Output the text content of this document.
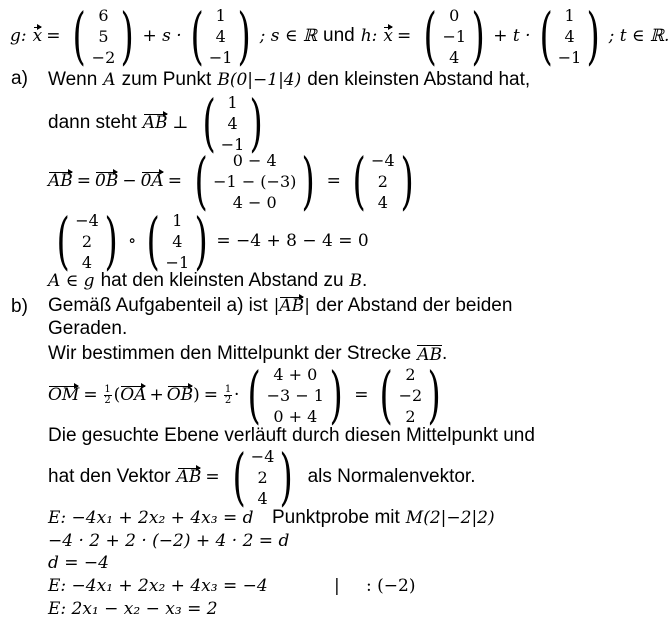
g: x = ( 6
5
−2 ) + s · ( 1
4
−1 ) ; s ∈ ℝ und h: x = ( 0
−1
4 ) + t · ( 1
4
−1 ) ; t ∈ ℝ.
a) Wenn A zum Punkt B(0|−1|4) den kleinsten Abstand hat,
dann steht AB ⊥ ( 1
4
−1 )
AB = 0B − 0A = ( 0 − 4
−1 − (−3)
4 − 0 ) = ( −4
2
4 )
( −4
2
4 ) ∘ ( 1
4
−1 ) = −4 + 8 − 4 = 0
A ∈ g hat den kleinsten Abstand zu B .
b) Gemäß Aufgabenteil a) ist | AB | der Abstand der beiden
Geraden.
Wir bestimmen den Mittelpunkt der Strecke AB .
OM = $\frac{1}{2}$ ( OA + OB ) = $\frac{1}{2}$ · ( 4 + 0
−3 − 1
0 + 4 ) = ( 2
−2
2 )
Die gesuchte Ebene verläuft durch diesen Mittelpunkt und
hat den Vektor AB = ( −4
2
4 ) als Normalenvektor.
E: −4x₁ + 2x₂ + 4x₃ = d Punktprobe mit M(2|−2|2)
−4 · 2 + 2 · (−2) + 4 · 2 = d
d = −4
E: −4x₁ + 2x₂ + 4x₃ = −4	|	: (−2)
E: 2x₁ − x₂ − x₃ = 2
